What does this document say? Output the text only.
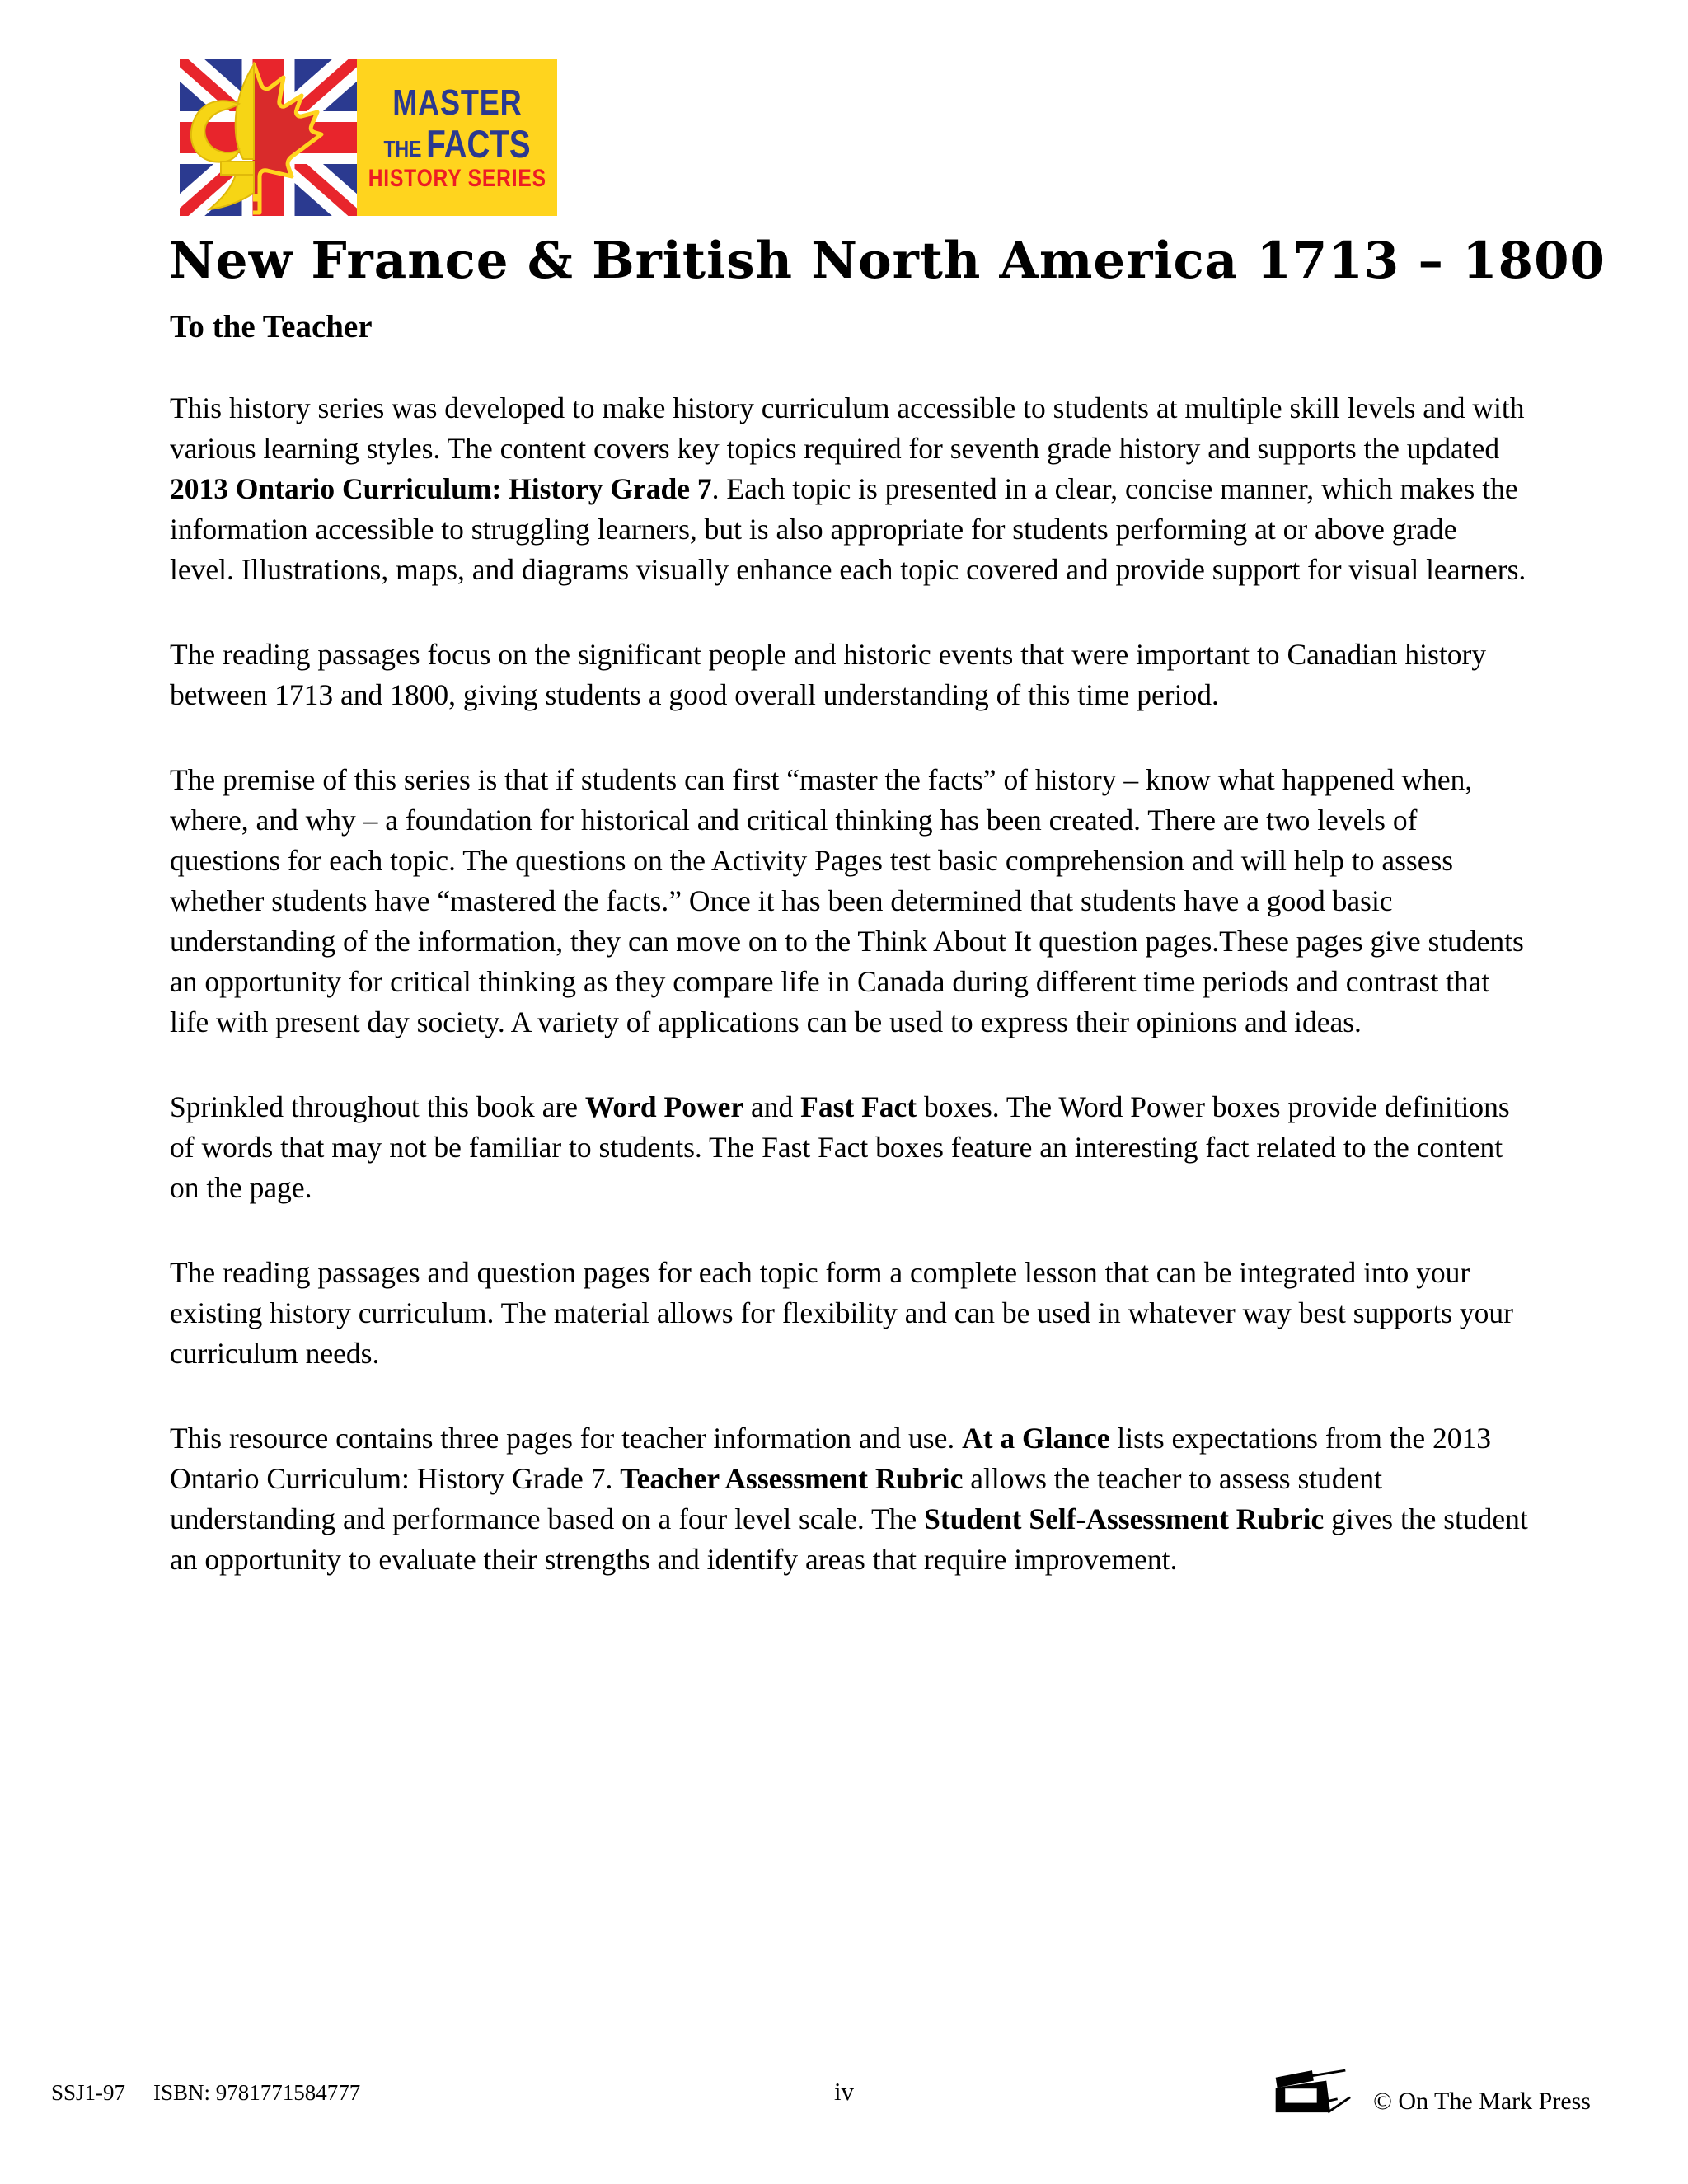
MASTER
THE FACTS
HISTORY SERIES
New France & British North America 1713 – 1800
To the Teacher

This history series was developed to make history curriculum accessible to students at multiple skill levels and with various learning styles. The content covers key topics required for seventh grade history and supports the updated 2013 Ontario Curriculum: History Grade 7. Each topic is presented in a clear, concise manner, which makes the information accessible to struggling learners, but is also appropriate for students performing at or above grade level. Illustrations, maps, and diagrams visually enhance each topic covered and provide support for visual learners.

The reading passages focus on the significant people and historic events that were important to Canadian history between 1713 and 1800, giving students a good overall understanding of this time period.

The premise of this series is that if students can first “master the facts” of history – know what happened when, where, and why – a foundation for historical and critical thinking has been created. There are two levels of questions for each topic. The questions on the Activity Pages test basic comprehension and will help to assess whether students have “mastered the facts.” Once it has been determined that students have a good basic understanding of the information, they can move on to the Think About It question pages.These pages give students an opportunity for critical thinking as they compare life in Canada during different time periods and contrast that life with present day society. A variety of applications can be used to express their opinions and ideas.

Sprinkled throughout this book are Word Power and Fast Fact boxes. The Word Power boxes provide definitions of words that may not be familiar to students. The Fast Fact boxes feature an interesting fact related to the content on the page.

The reading passages and question pages for each topic form a complete lesson that can be integrated into your existing history curriculum. The material allows for flexibility and can be used in whatever way best supports your curriculum needs.

This resource contains three pages for teacher information and use. At a Glance lists expectations from the 2013 Ontario Curriculum: History Grade 7. Teacher Assessment Rubric allows the teacher to assess student understanding and performance based on a four level scale. The Student Self-Assessment Rubric gives the student an opportunity to evaluate their strengths and identify areas that require improvement.

SSJ1-97 ISBN: 9781771584777	iv	© On The Mark Press
